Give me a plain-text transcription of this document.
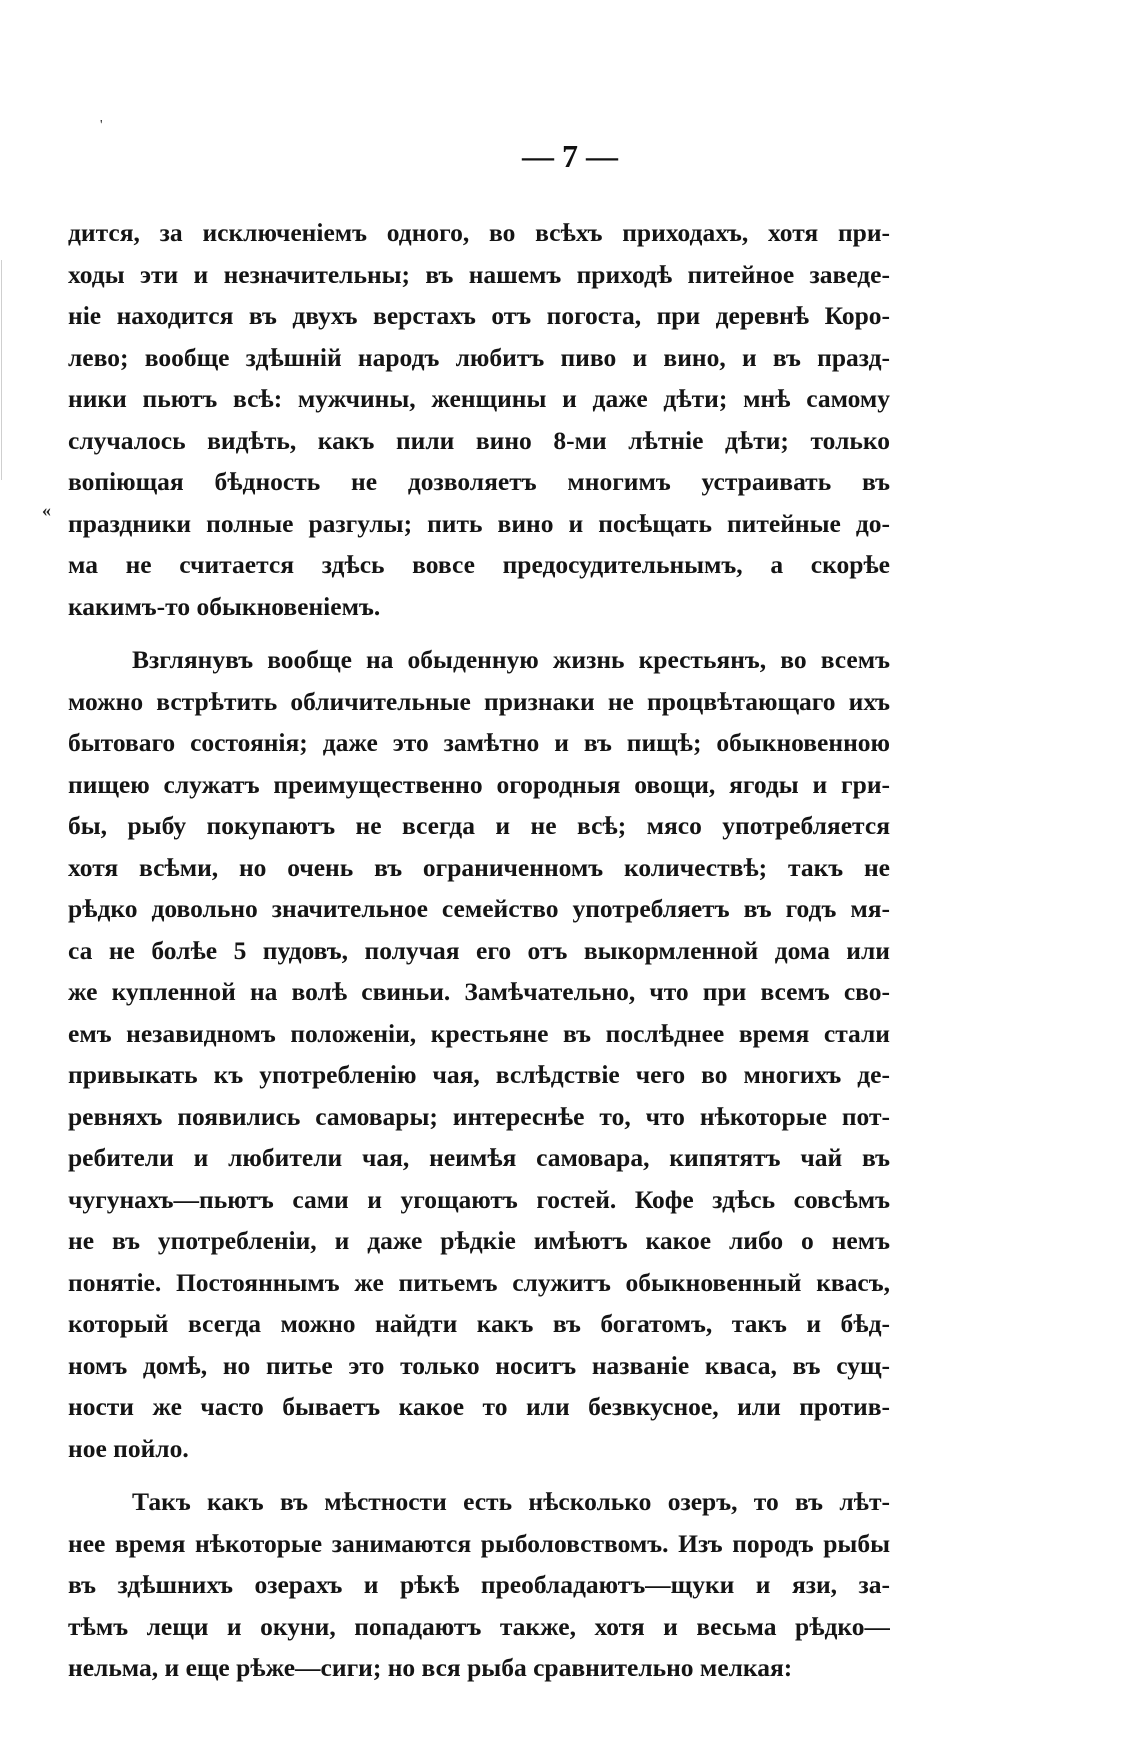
'
«
— 7 —
дится, за исключеніемъ одного, во всѣхъ приходахъ, хотя при-
ходы эти и незначительны; въ нашемъ приходѣ питейное заведе-
ніе находится въ двухъ верстахъ отъ погоста, при деревнѣ Коро-
лево; вообще здѣшній народъ любитъ пиво и вино, и въ празд-
ники пьютъ всѣ: мужчины, женщины и даже дѣти; мнѣ самому
случалось видѣть, какъ пили вино 8-ми лѣтніе дѣти; только
вопіющая бѣдность не дозволяетъ многимъ устраивать въ
праздники полные разгулы; пить вино и посѣщать питейные до-
ма не считается здѣсь вовсе предосудительнымъ, а скорѣе
какимъ-то обыкновеніемъ.
Взглянувъ вообще на обыденную жизнь крестьянъ, во всемъ
можно встрѣтить обличительные признаки не процвѣтающаго ихъ
бытоваго состоянія; даже это замѣтно и въ пищѣ; обыкновенною
пищею служатъ преимущественно огородныя овощи, ягоды и гри-
бы, рыбу покупаютъ не всегда и не всѣ; мясо употребляется
хотя всѣми, но очень въ ограниченномъ количествѣ; такъ не
рѣдко довольно значительное семейство употребляетъ въ годъ мя-
са не болѣе 5 пудовъ, получая его отъ выкормленной дома или
же купленной на волѣ свиньи. Замѣчательно, что при всемъ сво-
емъ незавидномъ положеніи, крестьяне въ послѣднее время стали
привыкать къ употребленію чая, вслѣдствіе чего во многихъ де-
ревняхъ появились самовары; интереснѣе то, что нѣкоторые пот-
ребители и любители чая, неимѣя самовара, кипятятъ чай въ
чугунахъ—пьютъ сами и угощаютъ гостей. Кофе здѣсь совсѣмъ
не въ употребленіи, и даже рѣдкіе имѣютъ какое либо о немъ
понятіе. Постояннымъ же питьемъ служитъ обыкновенный квасъ,
который всегда можно найдти какъ въ богатомъ, такъ и бѣд-
номъ домѣ, но питье это только носитъ названіе кваса, въ сущ-
ности же часто бываетъ какое то или безвкусное, или против-
ное пойло.
Такъ какъ въ мѣстности есть нѣсколько озеръ, то въ лѣт-
нее время нѣкоторые занимаются рыболовствомъ. Изъ породъ рыбы
въ здѣшнихъ озерахъ и рѣкѣ преобладаютъ—щуки и язи, за-
тѣмъ лещи и окуни, попадаютъ также, хотя и весьма рѣдко—
нельма, и еще рѣже—сиги; но вся рыба сравнительно мелкая:
